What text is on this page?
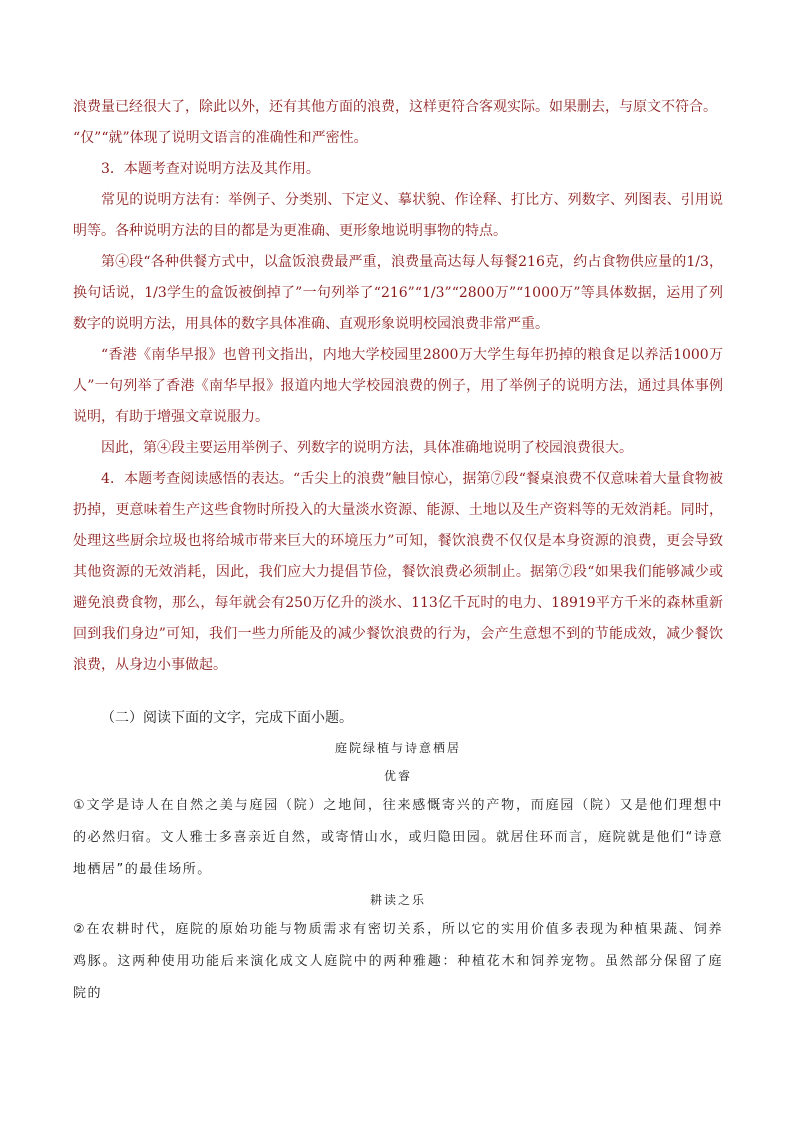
浪费量已经很大了，除此以外，还有其他方面的浪费，这样更符合客观实际。如果删去，与原文不符合。
“仅”“就”体现了说明文语言的准确性和严密性。

3．本题考查对说明方法及其作用。

常见的说明方法有：举例子、分类别、下定义、摹状貌、作诠释、打比方、列数字、列图表、引用说明等。各种说明方法的目的都是为更准确、更形象地说明事物的特点。

第④段“各种供餐方式中，以盒饭浪费最严重，浪费量高达每人每餐216克，约占食物供应量的1/3，换句话说，1/3学生的盒饭被倒掉了”一句列举了“216”“1/3”“2800万”“1000万”等具体数据，运用了列数字的说明方法，用具体的数字具体准确、直观形象说明校园浪费非常严重。

“香港《南华早报》也曾刊文指出，内地大学校园里2800万大学生每年扔掉的粮食足以养活1000万人”一句列举了香港《南华早报》报道内地大学校园浪费的例子，用了举例子的说明方法，通过具体事例说明，有助于增强文章说服力。

因此，第④段主要运用举例子、列数字的说明方法，具体准确地说明了校园浪费很大。

4．本题考查阅读感悟的表达。“舌尖上的浪费”触目惊心，据第⑦段“餐桌浪费不仅意味着大量食物被扔掉，更意味着生产这些食物时所投入的大量淡水资源、能源、土地以及生产资料等的无效消耗。同时，处理这些厨余垃圾也将给城市带来巨大的环境压力”可知，餐饮浪费不仅仅是本身资源的浪费，更会导致其他资源的无效消耗，因此，我们应大力提倡节俭，餐饮浪费必须制止。据第⑦段“如果我们能够减少或避免浪费食物，那么，每年就会有250万亿升的淡水、113亿千瓦时的电力、18919平方千米的森林重新回到我们身边”可知，我们一些力所能及的减少餐饮浪费的行为，会产生意想不到的节能成效，减少餐饮浪费，从身边小事做起。

（二）阅读下面的文字，完成下面小题。

庭院绿植与诗意栖居

优睿

①文学是诗人在自然之美与庭园（院）之地间，往来感慨寄兴的产物，而庭园（院）又是他们理想中的必然归宿。文人雅士多喜亲近自然，或寄情山水，或归隐田园。就居住环而言，庭院就是他们“诗意地栖居”的最佳场所。

耕读之乐

②在农耕时代，庭院的原始功能与物质需求有密切关系，所以它的实用价值多表现为种植果蔬、饲养鸡豚。这两种使用功能后来演化成文人庭院中的两种雅趣：种植花木和饲养宠物。虽然部分保留了庭院的
